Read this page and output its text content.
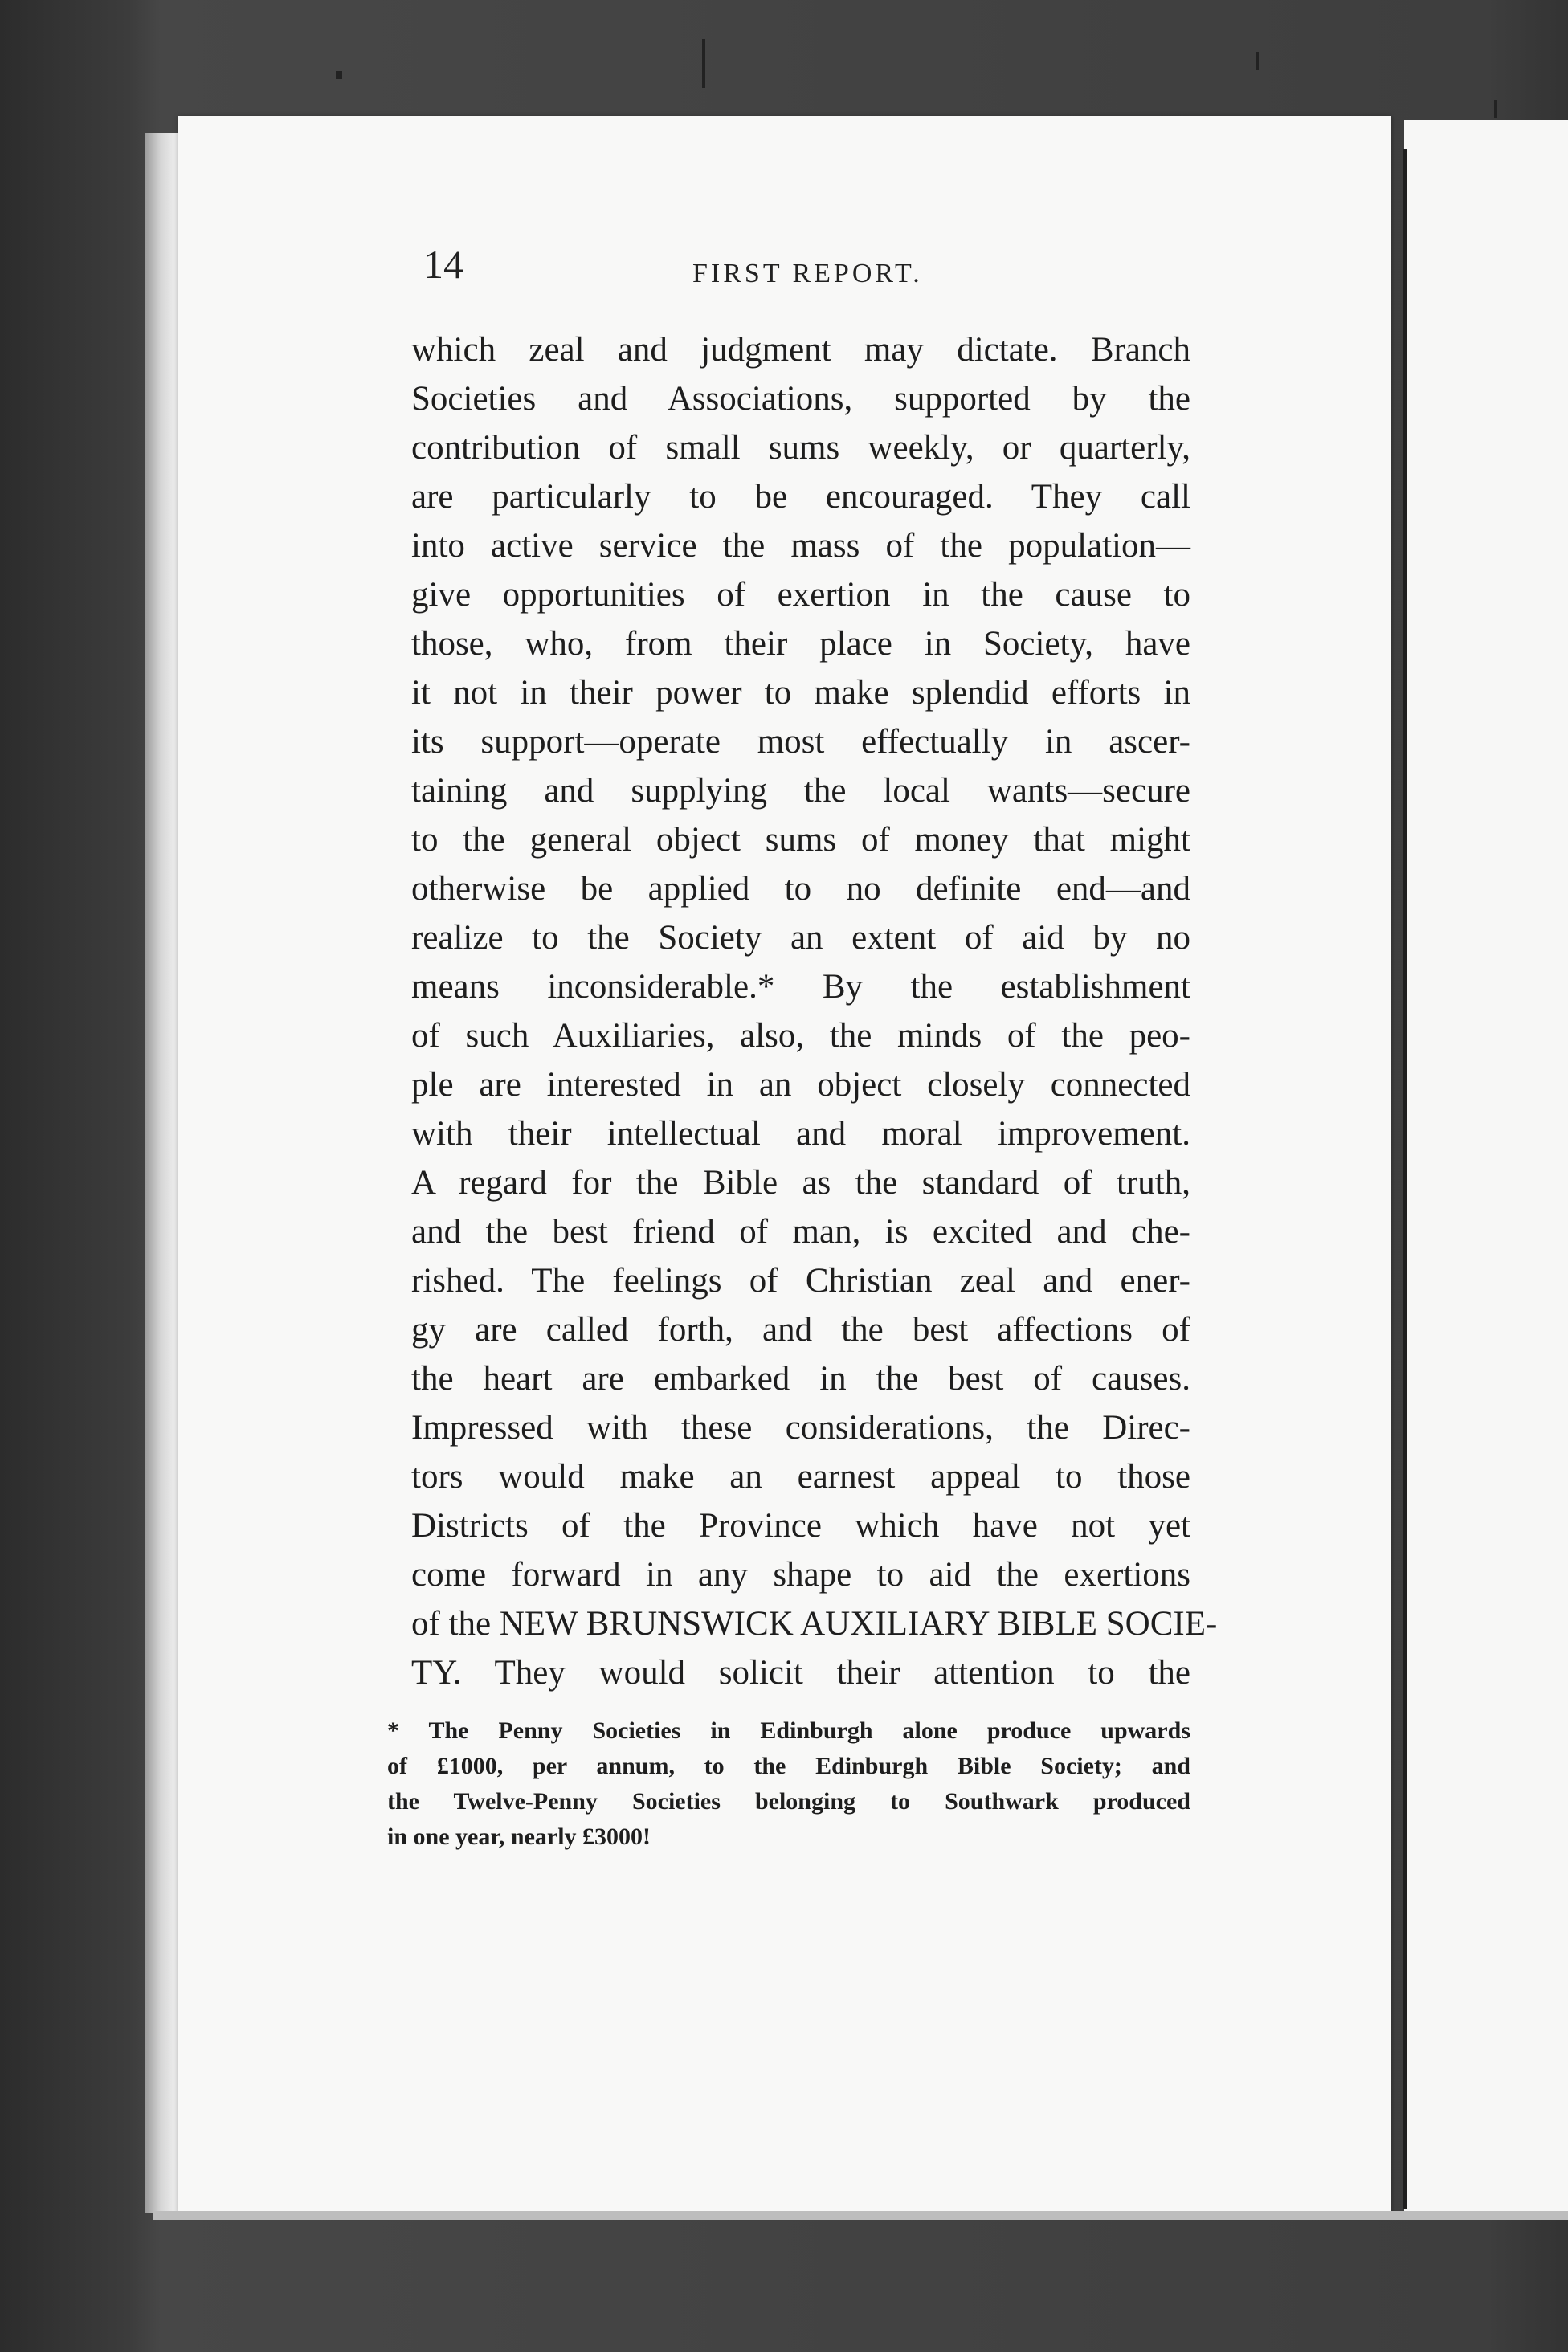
14	FIRST REPORT.
which zeal and judgment may dictate. Branch
Societies and Associations, supported by the
contribution of small sums weekly, or quarterly,
are particularly to be encouraged. They call
into active service the mass of the population—
give opportunities of exertion in the cause to
those, who, from their place in Society, have
it not in their power to make splendid efforts in
its support—operate most effectually in ascer-
taining and supplying the local wants—secure
to the general object sums of money that might
otherwise be applied to no definite end—and
realize to the Society an extent of aid by no
means inconsiderable.* By the establishment
of such Auxiliaries, also, the minds of the peo-
ple are interested in an object closely connected
with their intellectual and moral improvement.
A regard for the Bible as the standard of truth,
and the best friend of man, is excited and che-
rished. The feelings of Christian zeal and ener-
gy are called forth, and the best affections of
the heart are embarked in the best of causes.
Impressed with these considerations, the Direc-
tors would make an earnest appeal to those
Districts of the Province which have not yet
come forward in any shape to aid the exertions
of the NEW BRUNSWICK AUXILIARY BIBLE SOCIE-
TY. They would solicit their attention to the
* The Penny Societies in Edinburgh alone produce upwards
of £1000, per annum, to the Edinburgh Bible Society; and
the Twelve-Penny Societies belonging to Southwark produced
in one year, nearly £3000!
